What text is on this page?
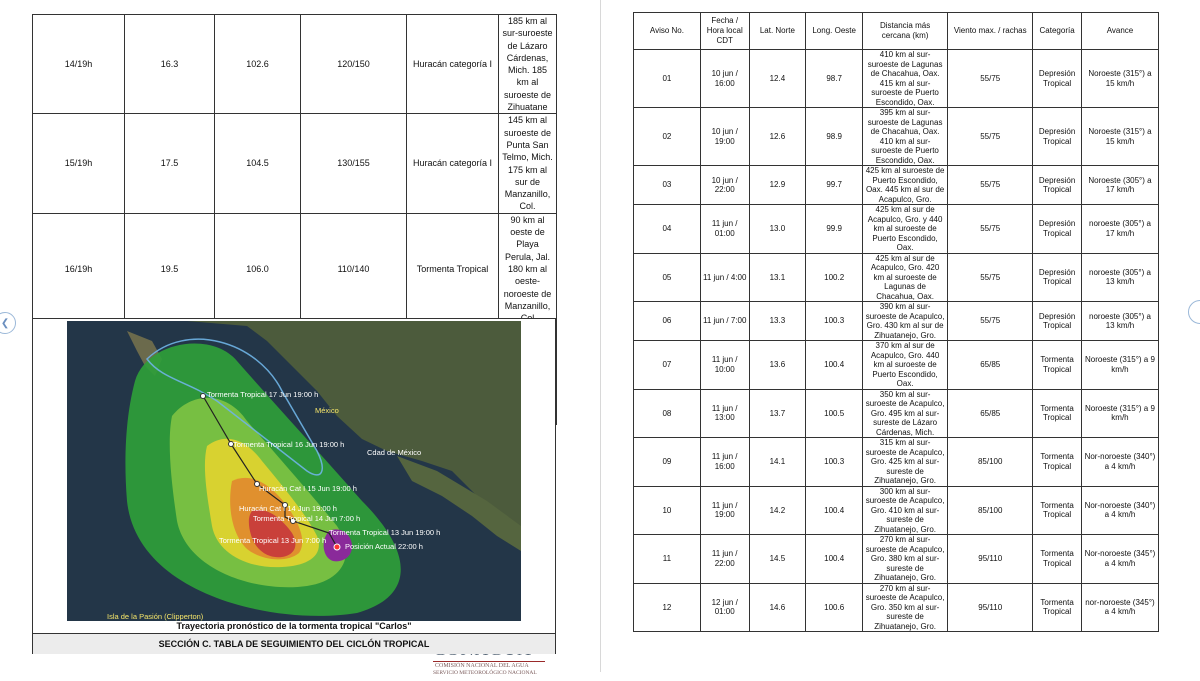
❮
14/19h	16.3	102.6	120/150	Huracán categoría I	185 km al sur-suroeste de Lázaro Cárdenas, Mich. 185 km al suroeste de Zihuatane
15/19h	17.5	104.5	130/155	Huracán categoría I	145 km al suroeste de Punta San Telmo, Mich. 175 km al sur de Manzanillo, Col.
16/19h	19.5	106.0	110/140	Tormenta Tropical	90 km al oeste de Playa Perula, Jal. 180 km al oeste-noroeste de Manzanillo,

Tormenta Tropical 17 Jun 19:00 h
México
Tormenta Tropical 16 Jun 19:00 h
Cdad de México
Huracán Cat I 15 Jun 19:00 h
Huracán Cat I 14 Jun 19:00 h
Tormenta Tropical 14 Jun 7:00 h
Tormenta Tropical 13 Jun 19:00 h
Tormenta Tropical 13 Jun 7:00 h
Posición Actual 22:00 h
Isla de la Pasión (Clipperton)
COMISIÓN NACIONAL DEL AGUA
SERVICIO METEOROLÓGICO NACIONAL
Trayectoria pronóstico de la tormenta tropical "Carlos"
SECCIÓN C. TABLA DE SEGUIMIENTO DEL CICLÓN TROPICAL
Aviso No.	Fecha / Hora local CDT	Lat. Norte	Long. Oeste	Distancia más cercana (km)	Viento max. / rachas	Categoría	Avance
01	10 jun / 16:00	12.4	98.7	410 km al sur-suroeste de Lagunas de Chacahua, Oax. 415 km al sur-suroeste de Puerto Escondido, Oax.	55/75	Depresión Tropical	Noroeste (315°) a 15 km/h
02	10 jun / 19:00	12.6	98.9	395 km al sur-suroeste de Lagunas de Chacahua, Oax. 410 km al sur-suroeste de Puerto Escondido, Oax.	55/75	Depresión Tropical	Noroeste (315°) a 15 km/h
03	10 jun / 22:00	12.9	99.7	425 km al suroeste de Puerto Escondido, Oax. 445 km al sur de Acapulco, Gro.	55/75	Depresión Tropical	Noroeste (305°) a 17 km/h
04	11 jun / 01:00	13.0	99.9	425 km al sur de Acapulco, Gro. y 440 km al suroeste de Puerto Escondido, Oax.	55/75	Depresión Tropical	noroeste (305°) a 17 km/h
05	11 jun / 4:00	13.1	100.2	425 km al sur de Acapulco, Gro. 420 km al suroeste de Lagunas de Chacahua, Oax.	55/75	Depresión Tropical	noroeste (305°) a 13 km/h
06	11 jun / 7:00	13.3	100.3	390 km al sur-suroeste de Acapulco, Gro. 430 km al sur de Zihuatanejo, Gro.	55/75	Depresión Tropical	noroeste (305°) a 13 km/h
07	11 jun / 10:00	13.6	100.4	370 km al sur de Acapulco, Gro. 440 km al suroeste de Puerto Escondido, Oax.	65/85	Tormenta Tropical	Noroeste (315°) a 9 km/h
08	11 jun / 13:00	13.7	100.5	350 km al sur-suroeste de Acapulco, Gro. 495 km al sur-sureste de Lázaro Cárdenas, Mich.	65/85	Tormenta Tropical	Noroeste (315°) a 9 km/h
09	11 jun / 16:00	14.1	100.3	315 km al sur-suroeste de Acapulco, Gro. 425 km al sur-sureste de Zihuatanejo, Gro.	85/100	Tormenta Tropical	Nor-noroeste (340°) a 4 km/h
10	11 jun / 19:00	14.2	100.4	300 km al sur-suroeste de Acapulco, Gro. 410 km al sur-sureste de Zihuatanejo, Gro.	85/100	Tormenta Tropical	Nor-noroeste (340°) a 4 km/h
11	11 jun / 22:00	14.5	100.4	270 km al sur-suroeste de Acapulco, Gro. 380 km al sur-sureste de Zihuatanejo, Gro.	95/110	Tormenta Tropical	Nor-noroeste (345°) a 4 km/h
12	12 jun / 01:00	14.6	100.6	270 km al sur-suroeste de Acapulco, Gro. 350 km al sur-sureste de Zihuatanejo, Gro.	95/110	Tormenta Tropical	nor-noroeste (345°) a 4 km/h
